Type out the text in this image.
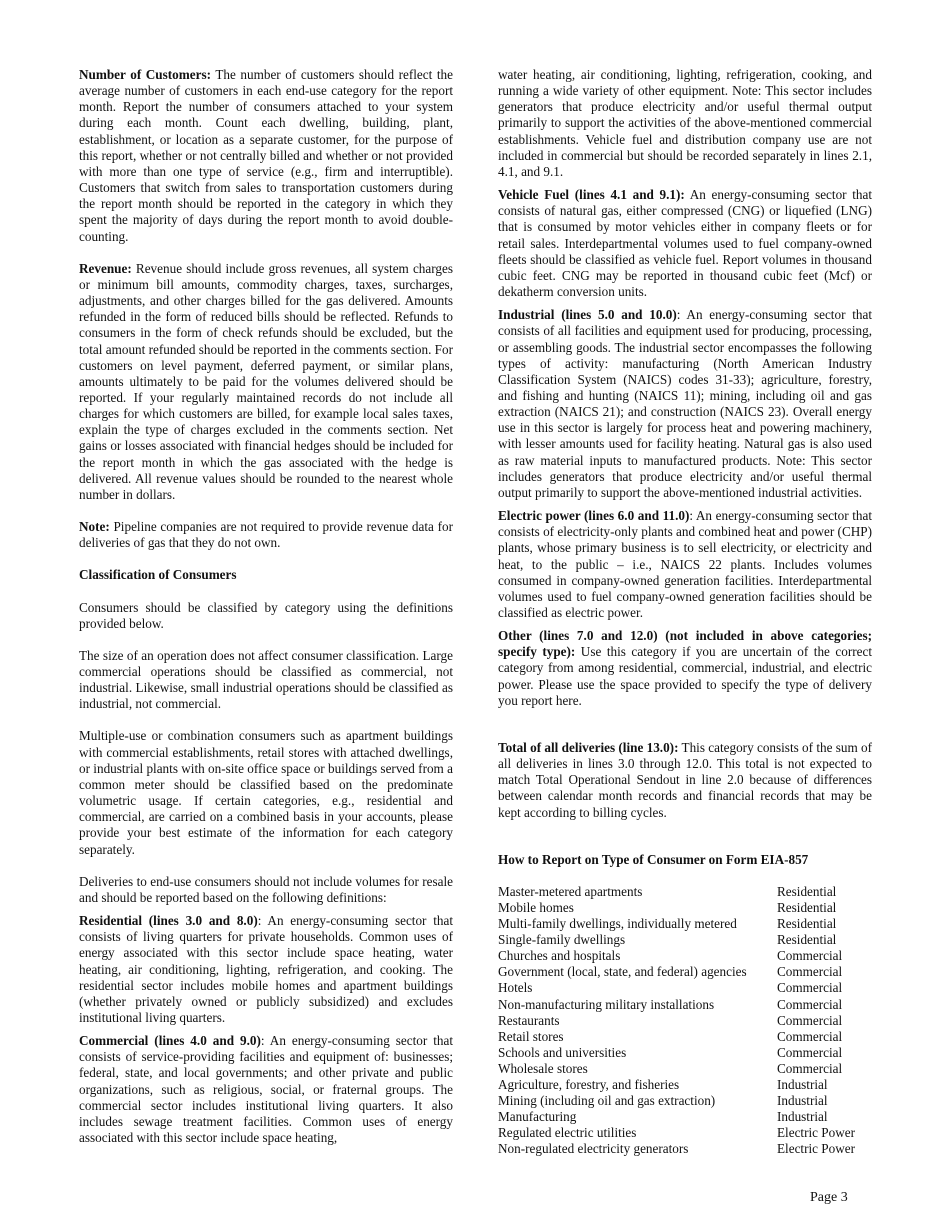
Number of Customers: The number of customers should reflect the average number of customers in each end-use category for the report month. Report the number of consumers attached to your system during each month. Count each dwelling, building, plant, establishment, or location as a separate customer, for the purpose of this report, whether or not centrally billed and whether or not provided with more than one type of service (e.g., firm and interruptible). Customers that switch from sales to transportation customers during the report month should be reported in the category in which they spent the majority of days during the report month to avoid double-counting.

Revenue: Revenue should include gross revenues, all system charges or minimum bill amounts, commodity charges, taxes, surcharges, adjustments, and other charges billed for the gas delivered. Amounts refunded in the form of reduced bills should be reflected. Refunds to consumers in the form of check refunds should be excluded, but the total amount refunded should be reported in the comments section. For customers on level payment, deferred payment, or similar plans, amounts ultimately to be paid for the volumes delivered should be reported. If your regularly maintained records do not include all charges for which customers are billed, for example local sales taxes, explain the type of charges excluded in the comments section. Net gains or losses associated with financial hedges should be included for the report month in which the gas associated with the hedge is delivered. All revenue values should be rounded to the nearest whole number in dollars.

Note: Pipeline companies are not required to provide revenue data for deliveries of gas that they do not own.

Classification of Consumers

Consumers should be classified by category using the definitions provided below.

The size of an operation does not affect consumer classification. Large commercial operations should be classified as commercial, not industrial. Likewise, small industrial operations should be classified as industrial, not commercial.

Multiple-use or combination consumers such as apartment buildings with commercial establishments, retail stores with attached dwellings, or industrial plants with on-site office space or buildings served from a common meter should be classified based on the predominate volumetric usage. If certain categories, e.g., residential and commercial, are carried on a combined basis in your accounts, please provide your best estimate of the information for each category separately.

Deliveries to end-use consumers should not include volumes for resale and should be reported based on the following definitions:

Residential (lines 3.0 and 8.0): An energy-consuming sector that consists of living quarters for private households. Common uses of energy associated with this sector include space heating, water heating, air conditioning, lighting, refrigeration, and cooking. The residential sector includes mobile homes and apartment buildings (whether privately owned or publicly subsidized) and excludes institutional living quarters.

Commercial (lines 4.0 and 9.0): An energy-consuming sector that consists of service-providing facilities and equipment of: businesses; federal, state, and local governments; and other private and public organizations, such as religious, social, or fraternal groups. The commercial sector includes institutional living quarters. It also includes sewage treatment facilities. Common uses of energy associated with this sector include space heating,

water heating, air conditioning, lighting, refrigeration, cooking, and running a wide variety of other equipment. Note: This sector includes generators that produce electricity and/or useful thermal output primarily to support the activities of the above-mentioned commercial establishments. Vehicle fuel and distribution company use are not included in commercial but should be recorded separately in lines 2.1, 4.1, and 9.1.

Vehicle Fuel (lines 4.1 and 9.1): An energy-consuming sector that consists of natural gas, either compressed (CNG) or liquefied (LNG) that is consumed by motor vehicles either in company fleets or for retail sales. Interdepartmental volumes used to fuel company-owned fleets should be classified as vehicle fuel. Report volumes in thousand cubic feet. CNG may be reported in thousand cubic feet (Mcf) or dekatherm conversion units.

Industrial (lines 5.0 and 10.0): An energy-consuming sector that consists of all facilities and equipment used for producing, processing, or assembling goods. The industrial sector encompasses the following types of activity: manufacturing (North American Industry Classification System (NAICS) codes 31-33); agriculture, forestry, and fishing and hunting (NAICS 11); mining, including oil and gas extraction (NAICS 21); and construction (NAICS 23). Overall energy use in this sector is largely for process heat and powering machinery, with lesser amounts used for facility heating. Natural gas is also used as raw material inputs to manufactured products. Note: This sector includes generators that produce electricity and/or useful thermal output primarily to support the above-mentioned industrial activities.

Electric power (lines 6.0 and 11.0): An energy-consuming sector that consists of electricity-only plants and combined heat and power (CHP) plants, whose primary business is to sell electricity, or electricity and heat, to the public – i.e., NAICS 22 plants. Includes volumes consumed in company-owned generation facilities. Interdepartmental volumes used to fuel company-owned generation facilities should be classified as electric power.

Other (lines 7.0 and 12.0) (not included in above categories; specify type): Use this category if you are uncertain of the correct category from among residential, commercial, industrial, and electric power. Please use the space provided to specify the type of delivery you report here.

Total of all deliveries (line 13.0): This category consists of the sum of all deliveries in lines 3.0 through 12.0. This total is not expected to match Total Operational Sendout in line 2.0 because of differences between calendar month records and financial records that may be kept according to billing cycles.

How to Report on Type of Consumer on Form EIA-857

Master-metered apartments	Residential
Mobile homes	Residential
Multi-family dwellings, individually metered	Residential
Single-family dwellings	Residential
Churches and hospitals	Commercial
Government (local, state, and federal) agencies	Commercial
Hotels	Commercial
Non-manufacturing military installations	Commercial
Restaurants	Commercial
Retail stores	Commercial
Schools and universities	Commercial
Wholesale stores	Commercial
Agriculture, forestry, and fisheries	Industrial
Mining (including oil and gas extraction)	Industrial
Manufacturing	Industrial
Regulated electric utilities	Electric Power
Non-regulated electricity generators	Electric Power
Page 3
